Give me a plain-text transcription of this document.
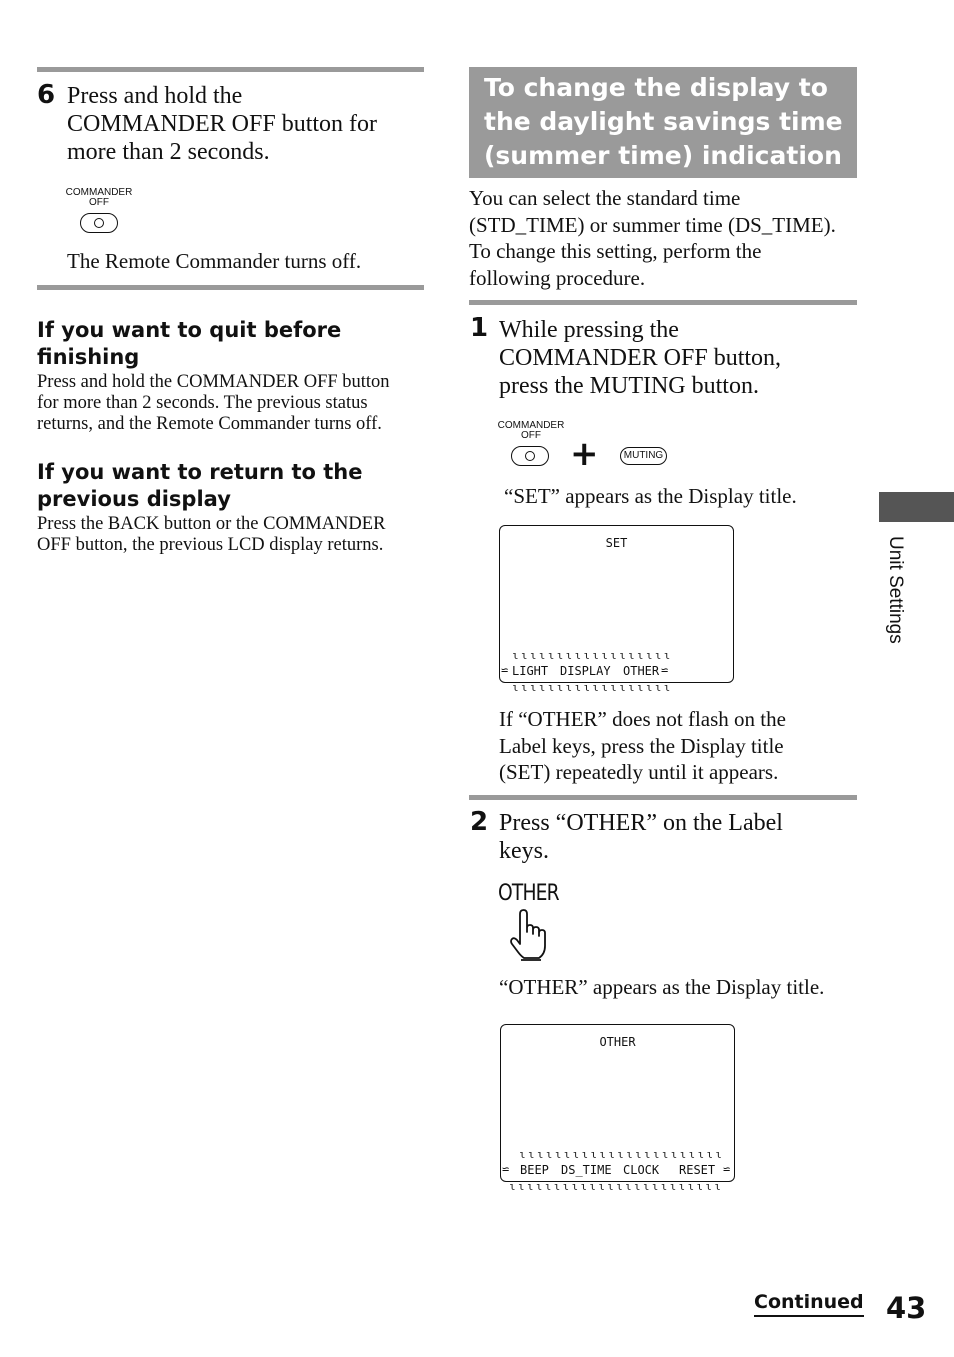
6 Press and hold the
COMMANDER OFF button for
more than 2 seconds.
COMMANDER
OFF
The Remote Commander turns off.
If you want to quit before
finishing
Press and hold the COMMANDER OFF button
for more than 2 seconds. The previous status
returns, and the Remote Commander turns off.
If you want to return to the
previous display
Press the BACK button or the COMMANDER
OFF button, the previous LCD display returns.
To change the display to
the daylight savings time
(summer time) indication
You can select the standard time
(STD_TIME) or summer time (DS_TIME).
To change this setting, perform the
following procedure.
1 While pressing the
COMMANDER OFF button,
press the MUTING button.
COMMANDER
OFF +	MUTING
“SET” appears as the Display title.
SET
ɩɩɩɩɩɩɩɩɩɩɩɩɩɩɩɩɩɩ
⋍ LIGHT DISPLAY OTHER ⋍
ɩɩɩɩɩɩɩɩɩɩɩɩɩɩɩɩɩɩ
If “OTHER” does not flash on the
Label keys, press the Display title
(SET) repeatedly until it appears.
2 Press “OTHER” on the Label
keys.
OTHER
“OTHER” appears as the Display title.
OTHER
ɩɩɩɩɩɩɩɩɩɩɩɩɩɩɩɩɩɩɩɩɩɩɩ
⋍ BEEP DS_TIME CLOCK RESET ⋍
ɩɩɩɩɩɩɩɩɩɩɩɩɩɩɩɩɩɩɩɩɩɩɩɩ
Unit Settings
Continued 43
